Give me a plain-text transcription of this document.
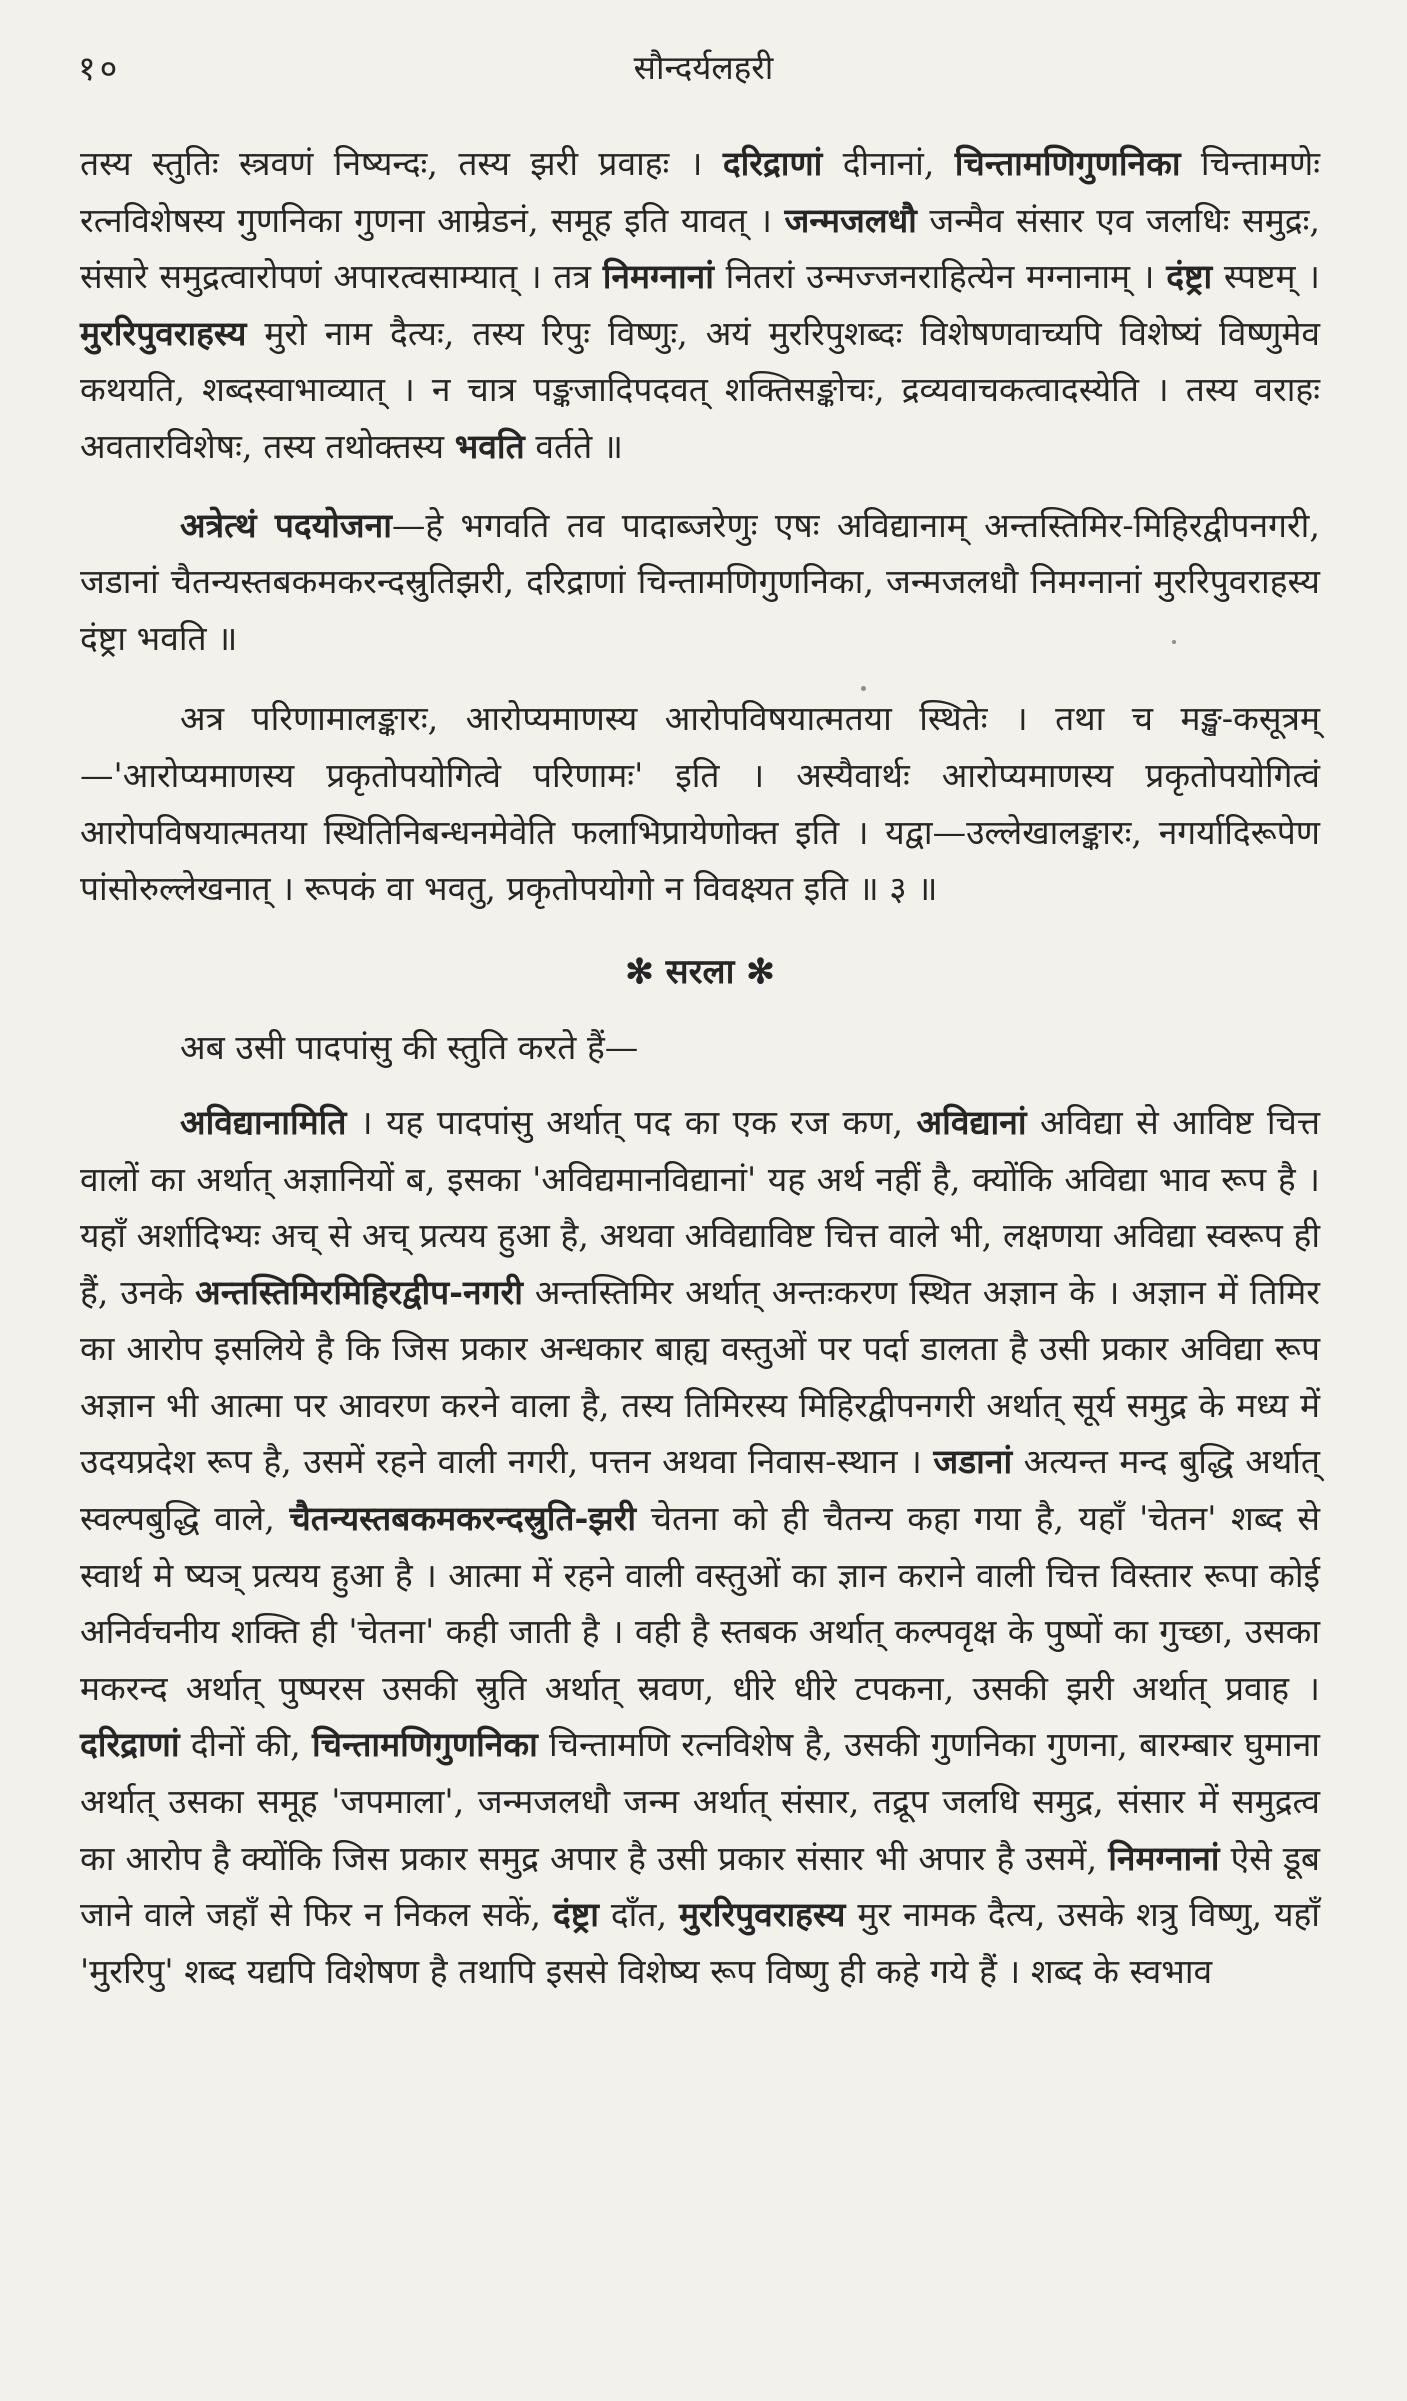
१०	सौन्दर्यलहरी

तस्य स्तुतिः स्त्रवणं निष्यन्दः, तस्य झरी प्रवाहः । दरिद्राणां दीनानां, चिन्तामणिगुणनिका चिन्तामणेः रत्नविशेषस्य गुणनिका गुणना आम्रेडनं, समूह इति यावत् । जन्मजलधौ जन्मैव संसार एव जलधिः समुद्रः, संसारे समुद्रत्वारोपणं अपारत्वसाम्यात् । तत्र निमग्नानां नितरां उन्मज्जनराहित्येन मग्नानाम् । दंष्ट्रा स्पष्टम् । मुररिपुवराहस्य मुरो नाम दैत्यः, तस्य रिपुः विष्णुः, अयं मुररिपुशब्दः विशेषणवाच्यपि विशेष्यं विष्णुमेव कथयति, शब्दस्वाभाव्यात् । न चात्र पङ्कजादिपदवत् शक्तिसङ्कोचः, द्रव्यवाचकत्वादस्येति । तस्य वराहः अवतारविशेषः, तस्य तथोक्तस्य भवति वर्तते ॥

अत्रेत्थं पदयोजना—हे भगवति तव पादाब्जरेणुः एषः अविद्यानाम् अन्तस्तिमिर-मिहिरद्वीपनगरी, जडानां चैतन्यस्तबकमकरन्दस्रुतिझरी, दरिद्राणां चिन्तामणिगुणनिका, जन्मजलधौ निमग्नानां मुररिपुवराहस्य दंष्ट्रा भवति ॥

अत्र परिणामालङ्कारः, आरोप्यमाणस्य आरोपविषयात्मतया स्थितेः । तथा च मङ्ख-कसूत्रम्—'आरोप्यमाणस्य प्रकृतोपयोगित्वे परिणामः' इति । अस्यैवार्थः आरोप्यमाणस्य प्रकृतोपयोगित्वं आरोपविषयात्मतया स्थितिनिबन्धनमेवेति फलाभिप्रायेणोक्त इति । यद्वा—उल्लेखालङ्कारः, नगर्यादिरूपेण पांसोरुल्लेखनात् । रूपकं वा भवतु, प्रकृतोपयोगो न विवक्ष्यत इति ॥ ३ ॥

✻ सरला ✻

अब उसी पादपांसु की स्तुति करते हैं—

अविद्यानामिति । यह पादपांसु अर्थात् पद का एक रज कण, अविद्यानां अविद्या से आविष्ट चित्त वालों का अर्थात् अज्ञानियों ब, इसका 'अविद्यमानविद्यानां' यह अर्थ नहीं है, क्योंकि अविद्या भाव रूप है । यहाँ अर्शादिभ्यः अच् से अच् प्रत्यय हुआ है, अथवा अविद्याविष्ट चित्त वाले भी, लक्षणया अविद्या स्वरूप ही हैं, उनके अन्तस्तिमिरमिहिरद्वीप-नगरी अन्तस्तिमिर अर्थात् अन्तःकरण स्थित अज्ञान के । अज्ञान में तिमिर का आरोप इसलिये है कि जिस प्रकार अन्धकार बाह्य वस्तुओं पर पर्दा डालता है उसी प्रकार अविद्या रूप अज्ञान भी आत्मा पर आवरण करने वाला है, तस्य तिमिरस्य मिहिरद्वीपनगरी अर्थात् सूर्य समुद्र के मध्य में उदयप्रदेश रूप है, उसमें रहने वाली नगरी, पत्तन अथवा निवास-स्थान । जडानां अत्यन्त मन्द बुद्धि अर्थात् स्वल्पबुद्धि वाले, चैतन्यस्तबकमकरन्दस्रुति-झरी चेतना को ही चैतन्य कहा गया है, यहाँ 'चेतन' शब्द से स्वार्थ मे ष्यञ् प्रत्यय हुआ है । आत्मा में रहने वाली वस्तुओं का ज्ञान कराने वाली चित्त विस्तार रूपा कोई अनिर्वचनीय शक्ति ही 'चेतना' कही जाती है । वही है स्तबक अर्थात् कल्पवृक्ष के पुष्पों का गुच्छा, उसका मकरन्द अर्थात् पुष्परस उसकी स्रुति अर्थात् स्रवण, धीरे धीरे टपकना, उसकी झरी अर्थात् प्रवाह । दरिद्राणां दीनों की, चिन्तामणिगुणनिका चिन्तामणि रत्नविशेष है, उसकी गुणनिका गुणना, बारम्बार घुमाना अर्थात् उसका समूह 'जपमाला', जन्मजलधौ जन्म अर्थात् संसार, तद्रूप जलधि समुद्र, संसार में समुद्रत्व का आरोप है क्योंकि जिस प्रकार समुद्र अपार है उसी प्रकार संसार भी अपार है उसमें, निमग्नानां ऐसे डूब जाने वाले जहाँ से फिर न निकल सकें, दंष्ट्रा दाँत, मुररिपुवराहस्य मुर नामक दैत्य, उसके शत्रु विष्णु, यहाँ 'मुररिपु' शब्द यद्यपि विशेषण है तथापि इससे विशेष्य रूप विष्णु ही कहे गये हैं । शब्द के स्वभाव
